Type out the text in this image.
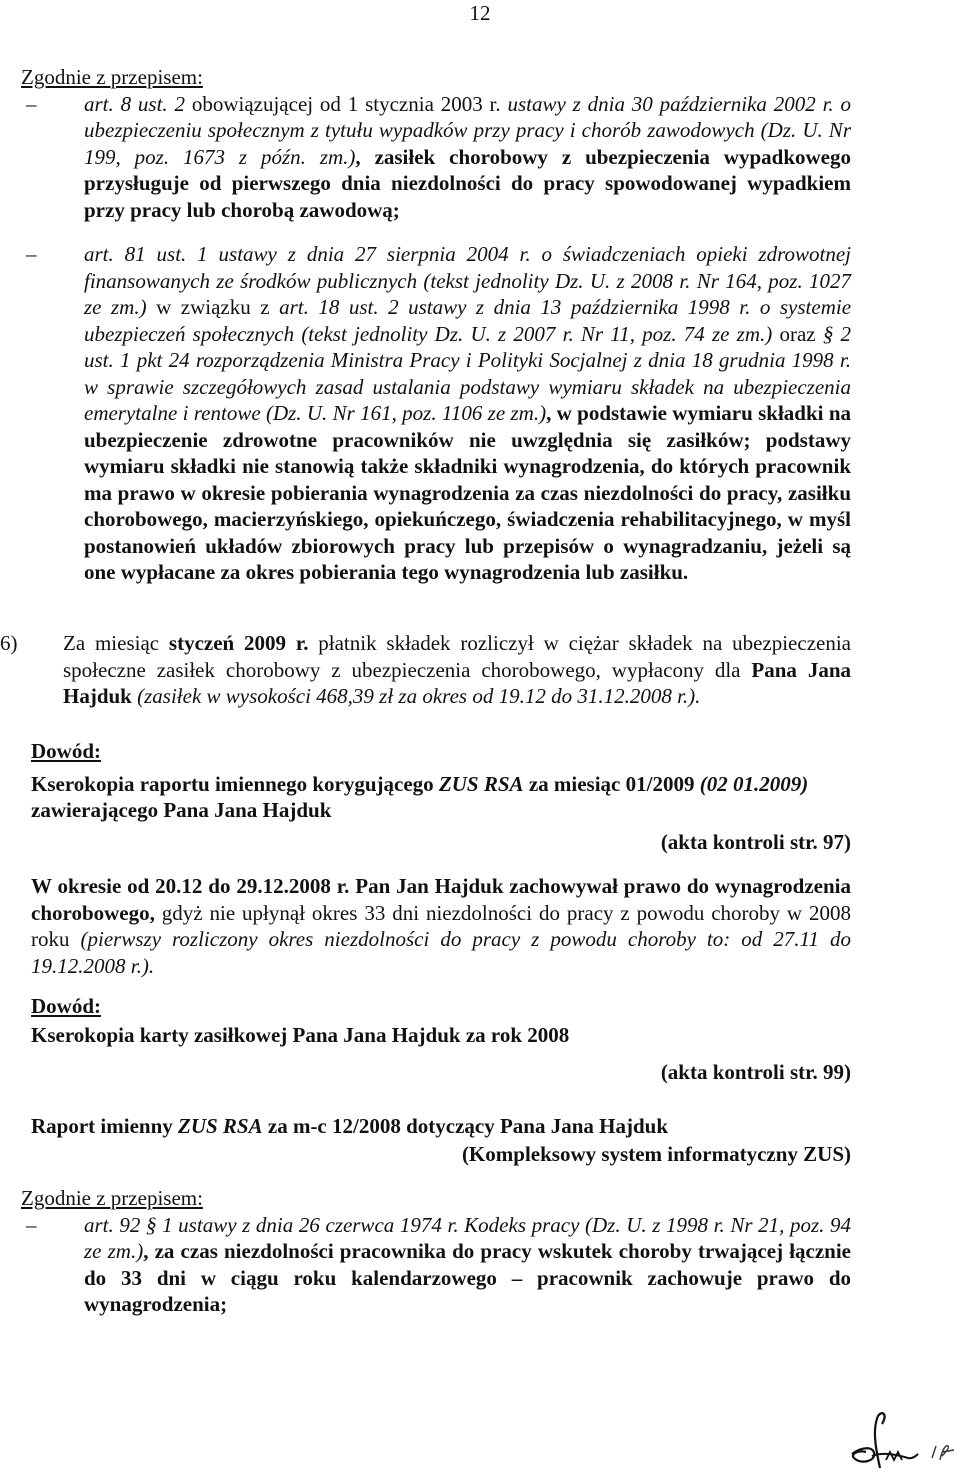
12

Zgodnie z przepisem:

– art. 8 ust. 2 obowiązującej od 1 stycznia 2003 r. ustawy z dnia 30 października 2002 r. o ubezpieczeniu społecznym z tytułu wypadków przy pracy i chorób zawodowych (Dz. U. Nr 199, poz. 1673 z późn. zm.), zasiłek chorobowy z ubezpieczenia wypadkowego przysługuje od pierwszego dnia niezdolności do pracy spowodowanej wypadkiem przy pracy lub chorobą zawodową;

– art. 81 ust. 1 ustawy z dnia 27 sierpnia 2004 r. o świadczeniach opieki zdrowotnej finansowanych ze środków publicznych (tekst jednolity Dz. U. z 2008 r. Nr 164, poz. 1027 ze zm.) w związku z art. 18 ust. 2 ustawy z dnia 13 października 1998 r. o systemie ubezpieczeń społecznych (tekst jednolity Dz. U. z 2007 r. Nr 11, poz. 74 ze zm.) oraz § 2 ust. 1 pkt 24 rozporządzenia Ministra Pracy i Polityki Socjalnej z dnia 18 grudnia 1998 r. w sprawie szczegółowych zasad ustalania podstawy wymiaru składek na ubezpieczenia emerytalne i rentowe (Dz. U. Nr 161, poz. 1106 ze zm.), w podstawie wymiaru składki na ubezpieczenie zdrowotne pracowników nie uwzględnia się zasiłków; podstawy wymiaru składki nie stanowią także składniki wynagrodzenia, do których pracownik ma prawo w okresie pobierania wynagrodzenia za czas niezdolności do pracy, zasiłku chorobowego, macierzyńskiego, opiekuńczego, świadczenia rehabilitacyjnego, w myśl postanowień układów zbiorowych pracy lub przepisów o wynagradzaniu, jeżeli są one wypłacane za okres pobierania tego wynagrodzenia lub zasiłku.

6) Za miesiąc styczeń 2009 r. płatnik składek rozliczył w ciężar składek na ubezpieczenia społeczne zasiłek chorobowy z ubezpieczenia chorobowego, wypłacony dla Pana Jana Hajduk (zasiłek w wysokości 468,39 zł za okres od 19.12 do 31.12.2008 r.).

Dowód:

Kserokopia raportu imiennego korygującego ZUS RSA za miesiąc 01/2009 (02 01.2009) zawierającego Pana Jana Hajduk

(akta kontroli str. 97)

W okresie od 20.12 do 29.12.2008 r. Pan Jan Hajduk zachowywał prawo do wynagrodzenia chorobowego, gdyż nie upłynął okres 33 dni niezdolności do pracy z powodu choroby w 2008 roku (pierwszy rozliczony okres niezdolności do pracy z powodu choroby to: od 27.11 do 19.12.2008 r.).

Dowód:

Kserokopia karty zasiłkowej Pana Jana Hajduk za rok 2008

(akta kontroli str. 99)

Raport imienny ZUS RSA za m-c 12/2008 dotyczący Pana Jana Hajduk

(Kompleksowy system informatyczny ZUS)

Zgodnie z przepisem:

– art. 92 § 1 ustawy z dnia 26 czerwca 1974 r. Kodeks pracy (Dz. U. z 1998 r. Nr 21, poz. 94 ze zm.), za czas niezdolności pracownika do pracy wskutek choroby trwającej łącznie do 33 dni w ciągu roku kalendarzowego – pracownik zachowuje prawo do wynagrodzenia;
